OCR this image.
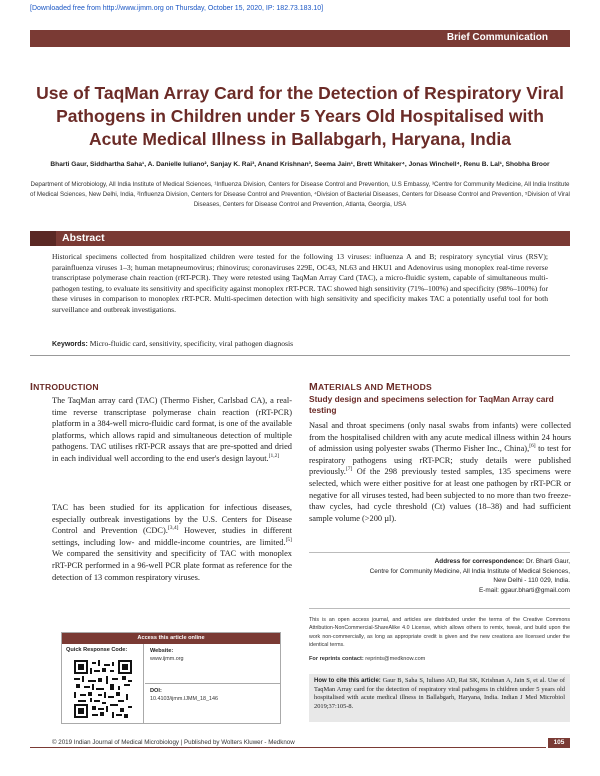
[Downloaded free from http://www.ijmm.org on Thursday, October 15, 2020, IP: 182.73.183.10]
Brief Communication
Use of TaqMan Array Card for the Detection of Respiratory Viral Pathogens in Children under 5 Years Old Hospitalised with Acute Medical Illness in Ballabgarh, Haryana, India
Bharti Gaur, Siddhartha Saha¹, A. Danielle Iuliano², Sanjay K. Rai³, Anand Krishnan³, Seema Jain¹, Brett Whitaker⁴, Jonas Winchell⁴, Renu B. Lal¹, Shobha Broor
Department of Microbiology, All India Institute of Medical Sciences, ¹Influenza Division, Centers for Disease Control and Prevention, U.S Embassy, ³Centre for Community Medicine, All India Institute of Medical Sciences, New Delhi, India, ²Influenza Division, Centers for Disease Control and Prevention, ⁴Division of Bacterial Diseases, Centers for Disease Control and Prevention, ⁵Division of Viral Diseases, Centers for Disease Control and Prevention, Atlanta, Georgia, USA
Abstract

Historical specimens collected from hospitalized children were tested for the following 13 viruses: influenza A and B; respiratory syncytial virus (RSV); parainfluenza viruses 1–3; human metapneumovirus; rhinovirus; coronaviruses 229E, OC43, NL63 and HKU1 and Adenovirus using monoplex real-time reverse transcriptase polymerase chain reaction (rRT-PCR). They were retested using TaqMan Array Card (TAC), a micro-fluidic system, capable of simultaneous multi-pathogen testing, to evaluate its sensitivity and specificity against monoplex rRT-PCR. TAC showed high sensitivity (71%–100%) and specificity (98%–100%) for these viruses in comparison to monoplex rRT-PCR. Multi-specimen detection with high sensitivity and specificity makes TAC a potentially useful tool for both surveillance and outbreak investigations.

Keywords: Micro-fluidic card, sensitivity, specificity, viral pathogen diagnosis

INTRODUCTION
The TaqMan array card (TAC) (Thermo Fisher, Carlsbad CA), a real-time reverse transcriptase polymerase chain reaction (rRT-PCR) platform in a 384-well micro-fluidic card format, is one of the available platforms, which allows rapid and simultaneous detection of multiple pathogens. TAC utilises rRT-PCR assays that are pre-spotted and dried in each individual well according to the end user's design layout.[1,2]
TAC has been studied for its application for infectious diseases, especially outbreak investigations by the U.S. Centers for Disease Control and Prevention (CDC).[3,4] However, studies in different settings, including low- and middle-income countries, are limited.[5] We compared the sensitivity and specificity of TAC with monoplex rRT-PCR performed in a 96-well PCR plate format as reference for the detection of 13 common respiratory viruses.
MATERIALS AND METHODS
Study design and specimens selection for TaqMan Array card testing
Nasal and throat specimens (only nasal swabs from infants) were collected from the hospitalised children with any acute medical illness within 24 hours of admission using polyester swabs (Thermo Fisher Inc., China),[6] to test for respiratory pathogens using rRT-PCR; study details were published previously.[7] Of the 298 previously tested samples, 135 specimens were selected, which were either positive for at least one pathogen by rRT-PCR or negative for all viruses tested, had been subjected to no more than two freeze-thaw cycles, had cycle threshold (Ct) values (18–38) and had sufficient sample volume (>200 µl).
Address for correspondence: Dr. Bharti Gaur,
Centre for Community Medicine, All India Institute of Medical Sciences,
New Delhi - 110 029, India.
E-mail: ggaur.bharti@gmail.com

This is an open access journal, and articles are distributed under the terms of the Creative Commons Attribution-NonCommercial-ShareAlike 4.0 License, which allows others to remix, tweak, and build upon the work non-commercially, as long as appropriate credit is given and the new creations are licensed under the identical terms.

For reprints contact: reprints@medknow.com

How to cite this article: Gaur B, Saha S, Iuliano AD, Rai SK, Krishnan A, Jain S, et al. Use of TaqMan Array card for the detection of respiratory viral pathogens in children under 5 years old hospitalised with acute medical illness in Ballabgarh, Haryana, India. Indian J Med Microbiol 2019;37:105-8.
Access this article online
Quick Response Code:	Website:
www.ijmm.org
DOI:
10.4103/ijmm.IJMM_18_146
© 2019 Indian Journal of Medical Microbiology | Published by Wolters Kluwer - Medknow	105
